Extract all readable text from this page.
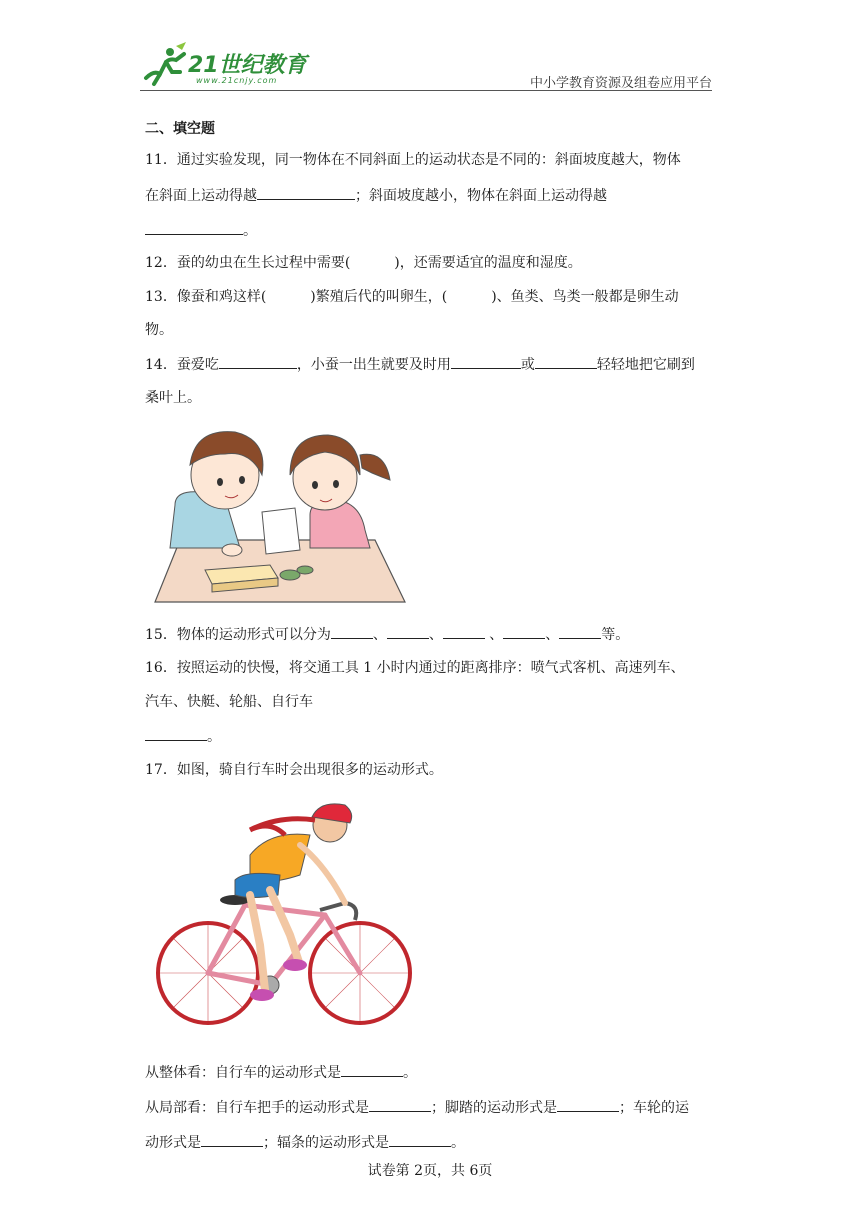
21世纪教育
www.21cnjy.com	中小学教育资源及组卷应用平台
二、填空题
11．通过实验发现，同一物体在不同斜面上的运动状态是不同的：斜面坡度越大，物体
在斜面上运动得越	；斜面坡度越小，物体在斜面上运动得越
。
12．蚕的幼虫在生长过程中需要(	)，还需要适宜的温度和湿度。
13．像蚕和鸡这样(	)繁殖后代的叫卵生，(	)、鱼类、鸟类一般都是卵生动
物。
14．蚕爱吃	，小蚕一出生就要及时用	或	轻轻地把它刷到
桑叶上。
15．物体的运动形式可以分为	、	、	、	、	等。
16．按照运动的快慢，将交通工具 1 小时内通过的距离排序：喷气式客机、高速列车、
汽车、快艇、轮船、自行车
。
17．如图，骑自行车时会出现很多的运动形式。
从整体看：自行车的运动形式是	。
从局部看：自行车把手的运动形式是	；脚踏的运动形式是	；车轮的运
动形式是	；辐条的运动形式是	。
试卷第 2页，共 6页
